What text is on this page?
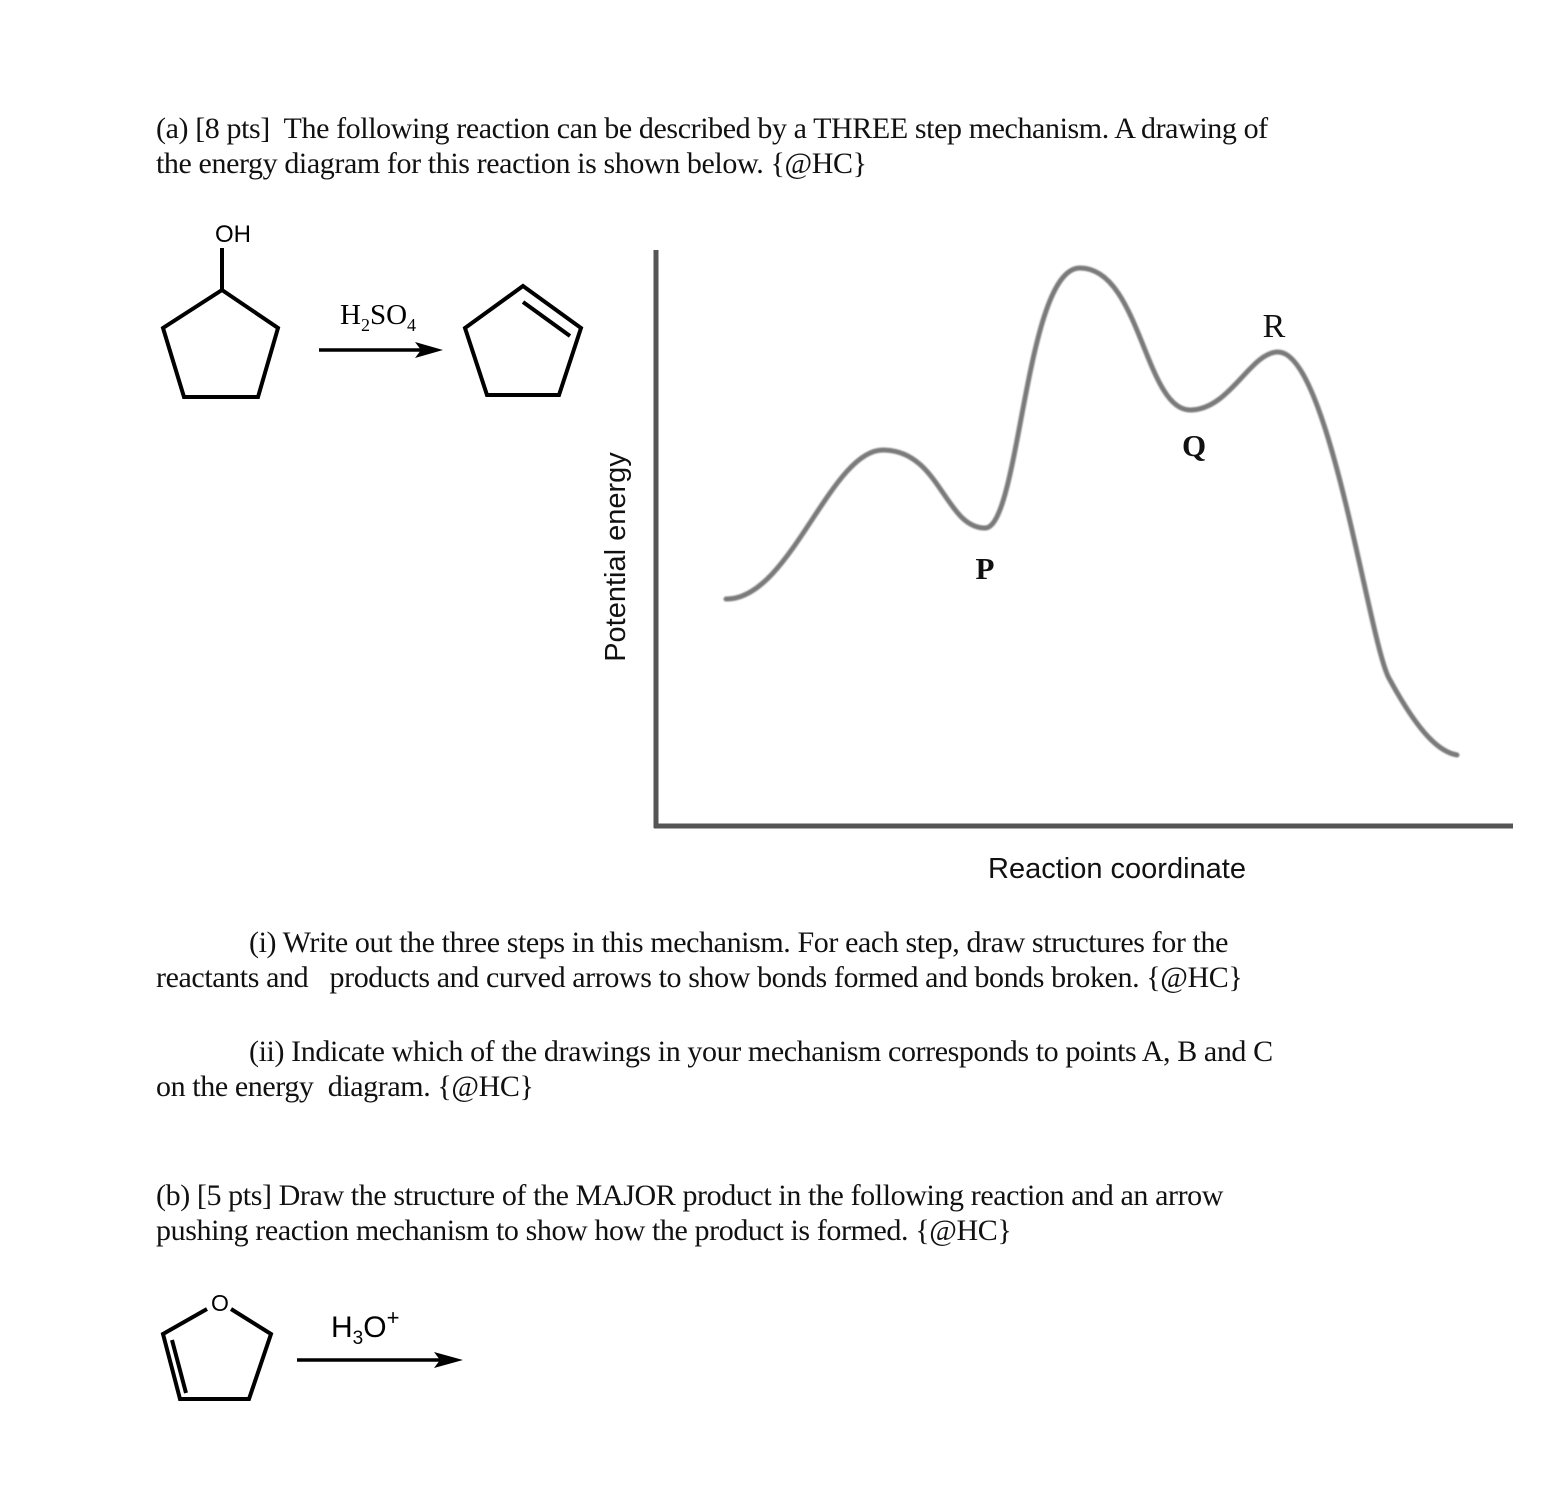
(a) [8 pts]  The following reaction can be described by a THREE step mechanism. A drawing of
the energy diagram for this reaction is shown below. {@HC}
OH
$H_2SO_4$
Potential energy
Reaction coordinate
P
Q
R
(i) Write out the three steps in this mechanism. For each step, draw structures for the
reactants and   products and curved arrows to show bonds formed and bonds broken. {@HC}
(ii) Indicate which of the drawings in your mechanism corresponds to points A, B and C
on the energy  diagram. {@HC}
(b) [5 pts] Draw the structure of the MAJOR product in the following reaction and an arrow
pushing reaction mechanism to show how the product is formed. {@HC}
O
$H_3O^+$
